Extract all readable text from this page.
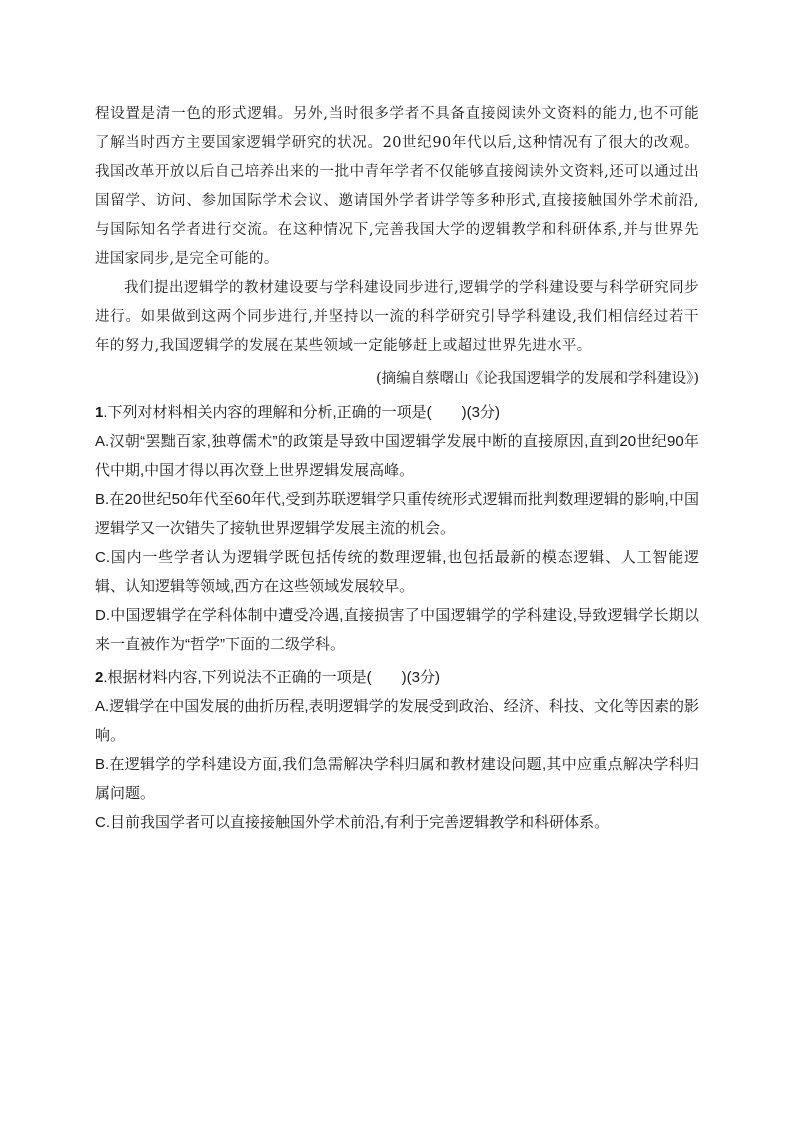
程设置是清一色的形式逻辑。另外,当时很多学者不具备直接阅读外文资料的能力,也不可能了解当时西方主要国家逻辑学研究的状况。20世纪90年代以后,这种情况有了很大的改观。我国改革开放以后自己培养出来的一批中青年学者不仅能够直接阅读外文资料,还可以通过出国留学、访问、参加国际学术会议、邀请国外学者讲学等多种形式,直接接触国外学术前沿,与国际知名学者进行交流。在这种情况下,完善我国大学的逻辑教学和科研体系,并与世界先进国家同步,是完全可能的。

我们提出逻辑学的教材建设要与学科建设同步进行,逻辑学的学科建设要与科学研究同步进行。如果做到这两个同步进行,并坚持以一流的科学研究引导学科建设,我们相信经过若干年的努力,我国逻辑学的发展在某些领域一定能够赶上或超过世界先进水平。

(摘编自蔡曙山《论我国逻辑学的发展和学科建设》)

1.下列对材料相关内容的理解和分析,正确的一项是(　　)(3分)

A.汉朝“罢黜百家,独尊儒术”的政策是导致中国逻辑学发展中断的直接原因,直到20世纪90年代中期,中国才得以再次登上世界逻辑发展高峰。

B.在20世纪50年代至60年代,受到苏联逻辑学只重传统形式逻辑而批判数理逻辑的影响,中国逻辑学又一次错失了接轨世界逻辑学发展主流的机会。

C.国内一些学者认为逻辑学既包括传统的数理逻辑,也包括最新的模态逻辑、人工智能逻辑、认知逻辑等领域,西方在这些领域发展较早。

D.中国逻辑学在学科体制中遭受冷遇,直接损害了中国逻辑学的学科建设,导致逻辑学长期以来一直被作为“哲学”下面的二级学科。

2.根据材料内容,下列说法不正确的一项是(　　)(3分)

A.逻辑学在中国发展的曲折历程,表明逻辑学的发展受到政治、经济、科技、文化等因素的影响。

B.在逻辑学的学科建设方面,我们急需解决学科归属和教材建设问题,其中应重点解决学科归属问题。

C.目前我国学者可以直接接触国外学术前沿,有利于完善逻辑教学和科研体系。
